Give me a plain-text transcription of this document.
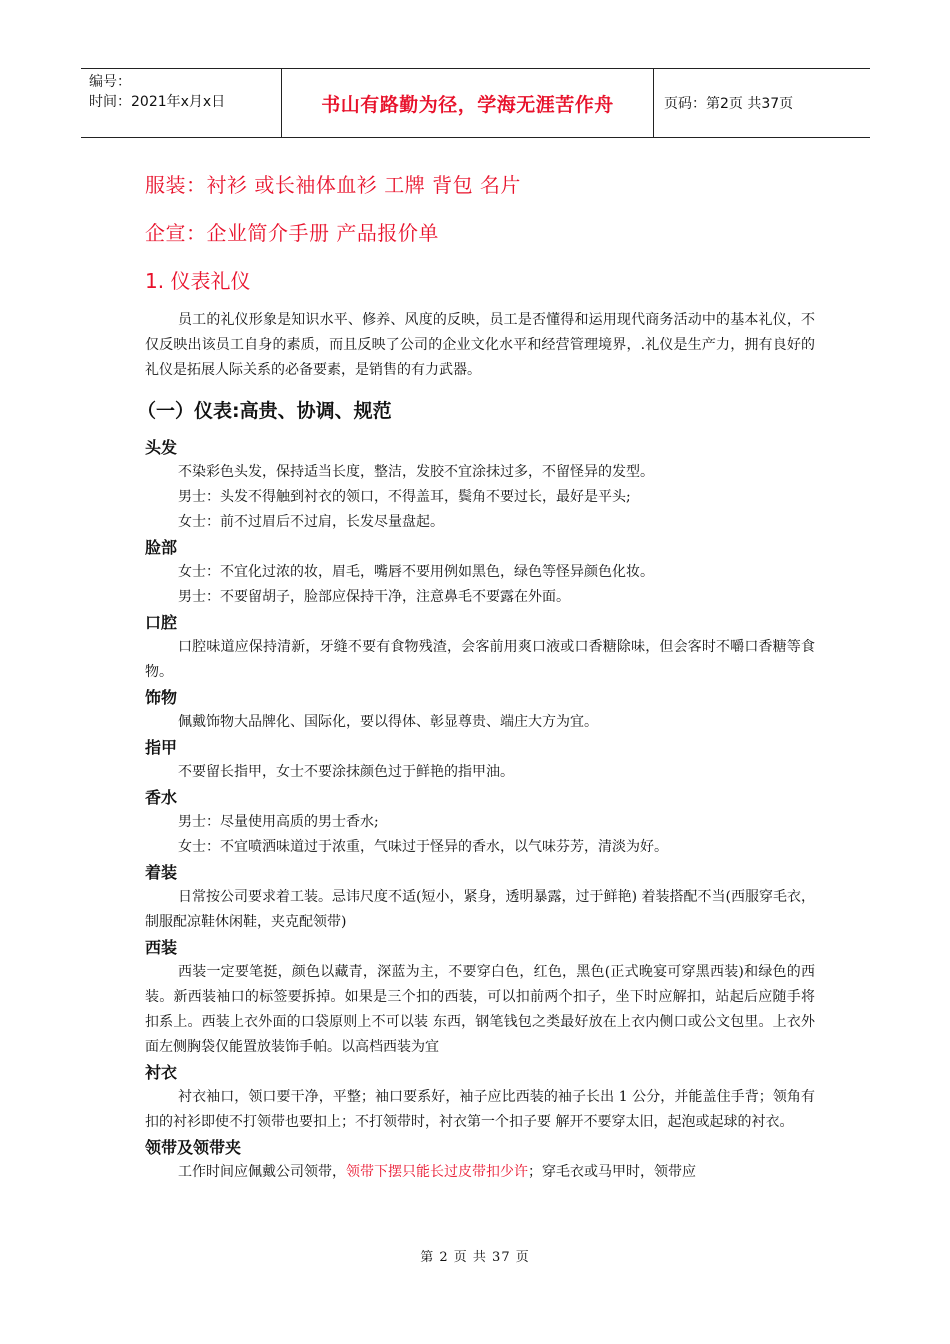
编号：
时间：2021年x月x日	书山有路勤为径，学海无涯苦作舟	页码：第2页 共37页
服装：衬衫 或长袖体血衫 工牌 背包 名片
企宣：企业简介手册 产品报价单
1. 仪表礼仪

员工的礼仪形象是知识水平、修养、风度的反映，员工是否懂得和运用现代商务活动中的基本礼仪，不仅反映出该员工自身的素质，而且反映了公司的企业文化水平和经营管理境界，.礼仪是生产力，拥有良好的礼仪是拓展人际关系的必备要素，是销售的有力武器。

（一）仪表:高贵、协调、规范
头发

不染彩色头发，保持适当长度，整洁，发胶不宜涂抹过多，不留怪异的发型。

男士：头发不得触到衬衣的领口，不得盖耳，鬓角不要过长，最好是平头;

女士：前不过眉后不过肩，长发尽量盘起。

脸部

女士：不宜化过浓的妆，眉毛，嘴唇不要用例如黑色，绿色等怪异颜色化妆。

男士：不要留胡子，脸部应保持干净，注意鼻毛不要露在外面。

口腔

口腔味道应保持清新，牙缝不要有食物残渣，会客前用爽口液或口香糖除味，但会客时不嚼口香糖等食物。

饰物

佩戴饰物大品牌化、国际化，要以得体、彰显尊贵、端庄大方为宜。

指甲

不要留长指甲，女士不要涂抹颜色过于鲜艳的指甲油。

香水

男士：尽量使用高质的男士香水;

女士：不宜喷洒味道过于浓重，气味过于怪异的香水，以气味芬芳，清淡为好。

着装

日常按公司要求着工装。忌讳尺度不适(短小，紧身，透明暴露，过于鲜艳) 着装搭配不当(西服穿毛衣，制服配凉鞋休闲鞋，夹克配领带)

西装

西装一定要笔挺，颜色以藏青，深蓝为主，不要穿白色，红色，黑色(正式晚宴可穿黑西装)和绿色的西装。新西装袖口的标签要拆掉。如果是三个扣的西装，可以扣前两个扣子，坐下时应解扣，站起后应随手将扣系上。西装上衣外面的口袋原则上不可以装 东西，钢笔钱包之类最好放在上衣内侧口或公文包里。上衣外面左侧胸袋仅能置放装饰手帕。以高档西装为宜

衬衣

衬衣袖口，领口要干净，平整；袖口要系好，袖子应比西装的袖子长出 1 公分，并能盖住手背；领角有扣的衬衫即使不打领带也要扣上；不打领带时，衬衣第一个扣子要 解开不要穿太旧，起泡或起球的衬衣。

领带及领带夹

工作时间应佩戴公司领带，领带下摆只能长过皮带扣少许；穿毛衣或马甲时，领带应

第 2 页 共 37 页
